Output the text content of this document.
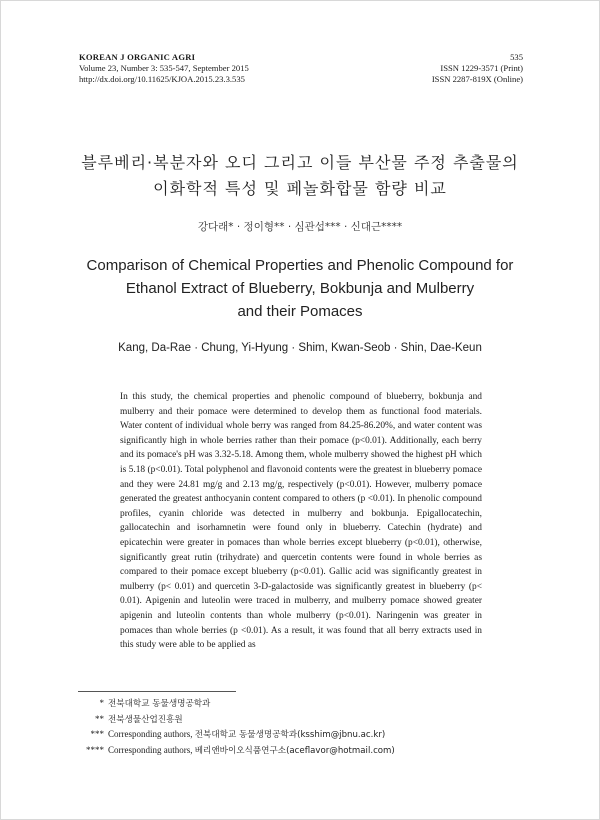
KOREAN J ORGANIC AGRI
Volume 23, Number 3: 535-547, September 2015
http://dx.doi.org/10.11625/KJOA.2015.23.3.535
535
ISSN 1229-3571 (Print)
ISSN 2287-819X (Online)
블루베리·복분자와 오디 그리고 이들 부산물 주정 추출물의
이화학적 특성 및 페놀화합물 함량 비교
강다래* · 정이형** · 심관섭*** · 신대근****
Comparison of Chemical Properties and Phenolic Compound for
Ethanol Extract of Blueberry, Bokbunja and Mulberry
and their Pomaces
Kang, Da-Rae · Chung, Yi-Hyung · Shim, Kwan-Seob · Shin, Dae-Keun
In this study, the chemical properties and phenolic compound of blueberry, bokbunja and mulberry and their pomace were determined to develop them as functional food materials. Water content of individual whole berry was ranged from 84.25-86.20%, and water content was significantly high in whole berries rather than their pomace (p<0.01). Additionally, each berry and its pomace's pH was 3.32-5.18. Among them, whole mulberry showed the highest pH which is 5.18 (p<0.01). Total polyphenol and flavonoid contents were the greatest in blueberry pomace and they were 24.81 mg/g and 2.13 mg/g, respectively (p<0.01). However, mulberry pomace generated the greatest anthocyanin content compared to others (p <0.01). In phenolic compound profiles, cyanin chloride was detected in mulberry and bokbunja. Epigallocatechin, gallocatechin and isorhamnetin were found only in blueberry. Catechin (hydrate) and epicatechin were greater in pomaces than whole berries except blueberry (p<0.01), otherwise, significantly great rutin (trihydrate) and quercetin contents were found in whole berries as compared to their pomace except blueberry (p<0.01). Gallic acid was significantly greatest in mulberry (p< 0.01) and quercetin 3-D-galactoside was significantly greatest in blueberry (p< 0.01). Apigenin and luteolin were traced in mulberry, and mulberry pomace showed greater apigenin and luteolin contents than whole mulberry (p<0.01). Naringenin was greater in pomaces than whole berries (p <0.01). As a result, it was found that all berry extracts used in this study were able to be applied as
* 전북대학교 동물생명공학과
** 전북생물산업진흥원
*** Corresponding authors, 전북대학교 동물생명공학과(ksshim@jbnu.ac.kr)
**** Corresponding authors, 베리앤바이오식품연구소(aceflavor@hotmail.com)
